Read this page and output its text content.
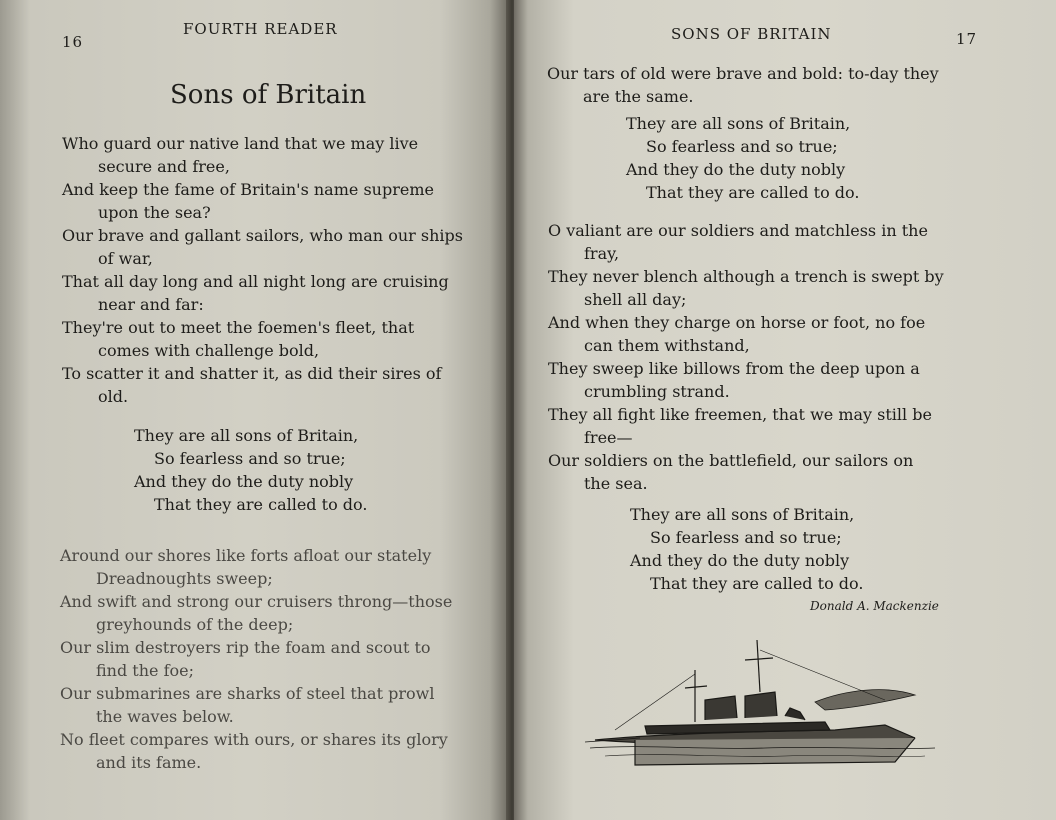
16
FOURTH READER
Sons of Britain
Who guard our native land that we may live
secure and free,
And keep the fame of Britain's name supreme
upon the sea?
Our brave and gallant sailors, who man our ships
of war,
That all day long and all night long are cruising
near and far:
They're out to meet the foemen's fleet, that
comes with challenge bold,
To scatter it and shatter it, as did their sires of
old.
They are all sons of Britain,
So fearless and so true;
And they do the duty nobly
That they are called to do.
Around our shores like forts afloat our stately
Dreadnoughts sweep;
And swift and strong our cruisers throng—those
greyhounds of the deep;
Our slim destroyers rip the foam and scout to
find the foe;
Our submarines are sharks of steel that prowl
the waves below.
No fleet compares with ours, or shares its glory
and its fame.
SONS OF BRITAIN	17
Our tars of old were brave and bold: to-day they
are the same.
They are all sons of Britain,
So fearless and so true;
And they do the duty nobly
That they are called to do.
O valiant are our soldiers and matchless in the
fray,
They never blench although a trench is swept by
shell all day;
And when they charge on horse or foot, no foe
can them withstand,
They sweep like billows from the deep upon a
crumbling strand.
They all fight like freemen, that we may still be
free—
Our soldiers on the battlefield, our sailors on
the sea.
They are all sons of Britain,
So fearless and so true;
And they do the duty nobly
That they are called to do.
Donald A. Mackenzie
